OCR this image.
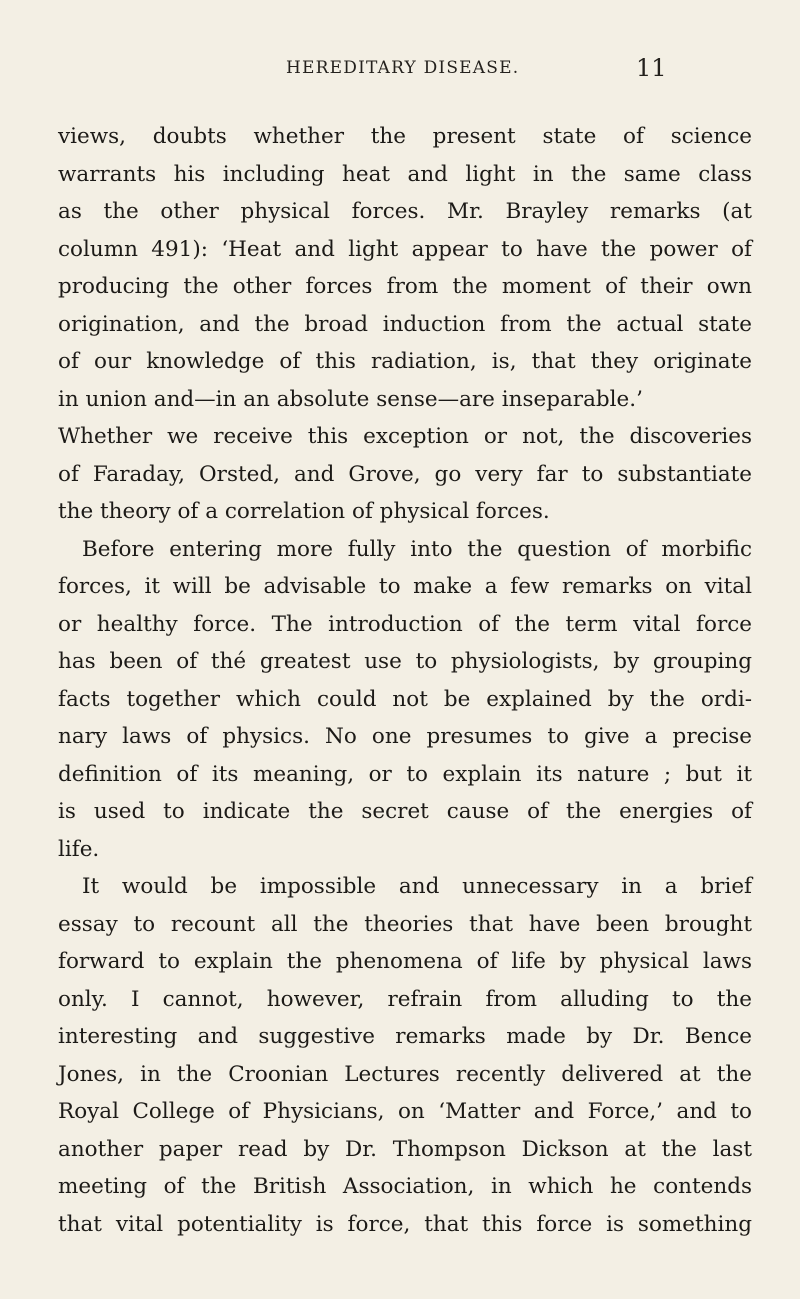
HEREDITARY DISEASE.	11
views, doubts whether the present state of science
warrants his including heat and light in the same class
as the other physical forces. Mr. Brayley remarks (at
column 491): ‘Heat and light appear to have the power of
producing the other forces from the moment of their own
origination, and the broad induction from the actual state
of our knowledge of this radiation, is, that they originate
in union and—in an absolute sense—are inseparable.’
Whether we receive this exception or not, the discoveries
of Faraday, Orsted, and Grove, go very far to substantiate
the theory of a correlation of physical forces.
Before entering more fully into the question of morbific
forces, it will be advisable to make a few remarks on vital
or healthy force. The introduction of the term vital force
has been of thé greatest use to physiologists, by grouping
facts together which could not be explained by the ordi-
nary laws of physics. No one presumes to give a precise
definition of its meaning, or to explain its nature ; but it
is used to indicate the secret cause of the energies of
life.
It would be impossible and unnecessary in a brief
essay to recount all the theories that have been brought
forward to explain the phenomena of life by physical laws
only. I cannot, however, refrain from alluding to the
interesting and suggestive remarks made by Dr. Bence
Jones, in the Croonian Lectures recently delivered at the
Royal College of Physicians, on ‘Matter and Force,’ and to
another paper read by Dr. Thompson Dickson at the last
meeting of the British Association, in which he contends
that vital potentiality is force, that this force is something
